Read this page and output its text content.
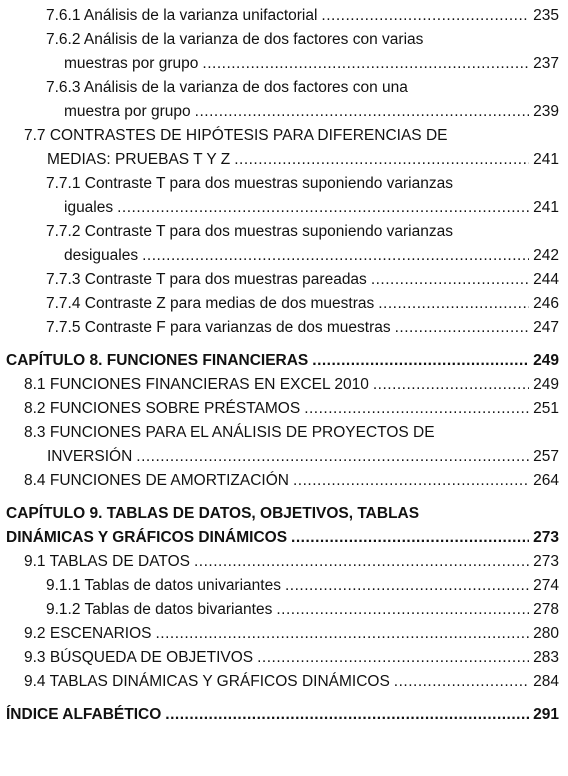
7.6.1 Análisis de la varianza unifactorial .....	235
7.6.2 Análisis de la varianza de dos factores con varias
muestras por grupo .....	237
7.6.3 Análisis de la varianza de dos factores con una
muestra por grupo .....	239
7.7 CONTRASTES DE HIPÓTESIS PARA DIFERENCIAS DE
MEDIAS: PRUEBAS T Y Z .....	241
7.7.1 Contraste T para dos muestras suponiendo varianzas
iguales .....	241
7.7.2 Contraste T para dos muestras suponiendo varianzas
desiguales .....	242
7.7.3 Contraste T para dos muestras pareadas .....	244
7.7.4 Contraste Z para medias de dos muestras .....	246
7.7.5 Contraste F para varianzas de dos muestras .....	247
CAPÍTULO 8. FUNCIONES FINANCIERAS .....	249
8.1 FUNCIONES FINANCIERAS EN EXCEL 2010 .....	249
8.2 FUNCIONES SOBRE PRÉSTAMOS .....	251
8.3 FUNCIONES PARA EL ANÁLISIS DE PROYECTOS DE
INVERSIÓN .....	257
8.4 FUNCIONES DE AMORTIZACIÓN .....	264
CAPÍTULO 9. TABLAS DE DATOS, OBJETIVOS, TABLAS
DINÁMICAS Y GRÁFICOS DINÁMICOS .....	273
9.1 TABLAS DE DATOS .....	273
9.1.1 Tablas de datos univariantes .....	274
9.1.2 Tablas de datos bivariantes .....	278
9.2 ESCENARIOS .....	280
9.3 BÚSQUEDA DE OBJETIVOS .....	283
9.4 TABLAS DINÁMICAS Y GRÁFICOS DINÁMICOS .....	284
ÍNDICE ALFABÉTICO .....	291
